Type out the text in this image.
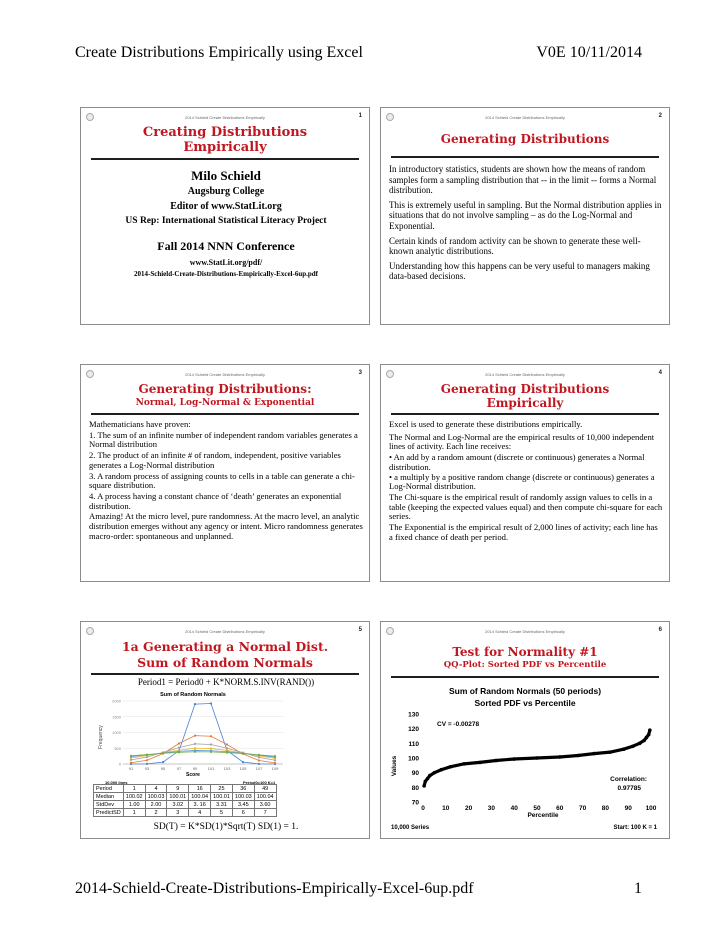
Create Distributions Empirically using Excel	V0E 10/11/2014
2014 Schield Create Distributions Empirically	1
Creating Distributions Empirically
Milo Schield
Augsburg College
Editor of www.StatLit.org
US Rep: International Statistical Literacy Project
Fall 2014 NNN Conference
www.StatLit.org/pdf/
2014-Schield-Create-Distributions-Empirically-Excel-6up.pdf
2014 Schield Create Distributions Empirically	2
Generating Distributions

In introductory statistics, students are shown how the means of random samples form a sampling distribution that -- in the limit -- forms a Normal distribution.

This is extremely useful in sampling. But the Normal distribution applies in situations that do not involve sampling – as do the Log-Normal and Exponential.

Certain kinds of random activity can be shown to generate these well-known analytic distributions.

Understanding how this happens can be very useful to managers making data-based decisions.

2014 Schield Create Distributions Empirically	3
Generating Distributions:
Normal, Log-Normal & Exponential
Mathematicians have proven:
1. The sum of an infinite number of independent random variables generates a Normal distribution
2. The product of an infinite # of random, independent, positive variables generates a Log-Normal distribution
3. A random process of assigning counts to cells in a table can generate a chi-square distribution.
4. A process having a constant chance of ‘death’ generates an exponential distribution.
Amazing! At the micro level, pure randomness. At the macro level, an analytic distribution emerges without any agency or intent. Micro randomness generates macro-order: spontaneous and unplanned.
2014 Schield Create Distributions Empirically	4
Generating Distributions Empirically
Excel is used to generate these distributions empirically.
The Normal and Log-Normal are the empirical results of 10,000 independent lines of activity. Each line receives:
• An add by a random amount (discrete or continuous) generates a Normal distribution.
• a multiply by a positive random change (discrete or continuous) generates a Log-Normal distribution.
The Chi-square is the empirical result of randomly assign values to cells in a table (keeping the expected values equal) and then compute chi-square for each series.
The Exponential is the empirical result of 2,000 lines of activity; each line has a fixed chance of death per period.
2014 Schield Create Distributions Empirically	5
1a Generating a Normal Dist.
Sum of Random Normals
Period1 = Period0 + K*NORM.S.INV(RAND())
Sum of Random Normals
Frequency
Score
10,000 lines	Period0=100 K=1
0
500
1000
1500
2000
91	93	95	97	99	101 103 105 107 109
Period	1	4	9	16	25	36	49
Median	100.02	100.03	100.01	100.04	100.01	100.03	100.04
StdDev	1.00	2.00	3.02	3. 16	3.31	3.45	3.60
PredictSD	1	2	3	4	5	6	7
SD(T) = K*SD(1)*Sqrt(T) SD(1) = 1.
2014 Schield Create Distributions Empirically	6
Test for Normality #1
QQ-Plot: Sorted PDF vs Percentile
Sum of Random Normals (50 periods)
Sorted PDF vs Percentile
Values
Percentile
CV = -0.00278
Correlation:
0.97785
10,000 Series	Start: 100 K = 1
70
80
90
100
110
120
130
0	10 20 30 40 50 60 70 80 90 100
2014-Schield-Create-Distributions-Empirically-Excel-6up.pdf	1
